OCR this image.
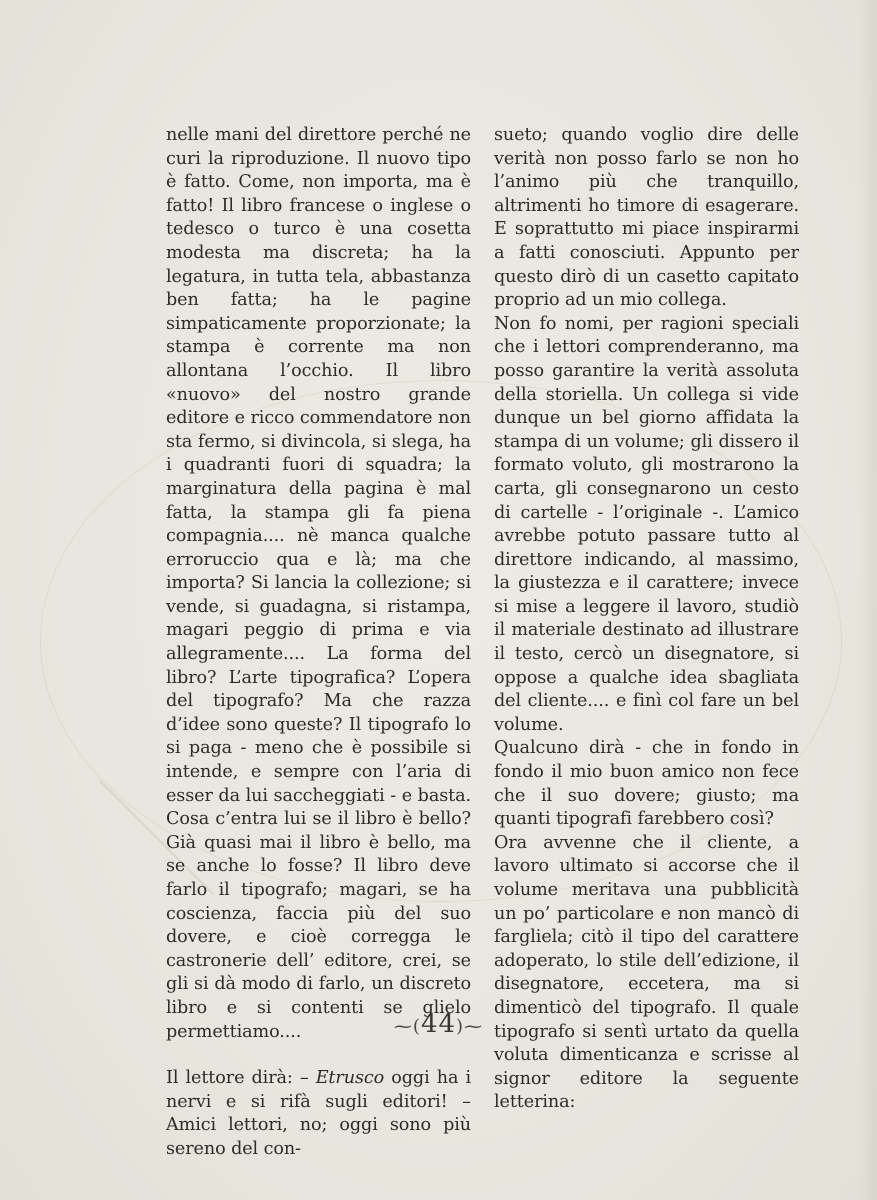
nelle mani del direttore perché ne curi la riproduzione. Il nuovo tipo è fatto. Come, non importa, ma è fatto! Il libro francese o inglese o tedesco o turco è una cosetta modesta ma discreta; ha la legatura, in tutta tela, abbastanza ben fatta; ha le pagine simpaticamente proporzionate; la stampa è corrente ma non allontana l’occhio. Il libro «nuovo» del nostro grande editore e ricco commendatore non sta fermo, si divincola, si slega, ha i quadranti fuori di squadra; la marginatura della pagina è mal fatta, la stampa gli fa piena compagnia.... nè manca qualche erroruccio qua e là; ma che importa? Si lancia la collezione; si vende, si guadagna, si ristampa, magari peggio di prima e via allegramente.... La forma del libro? L’arte tipografica? L’opera del tipografo? Ma che razza d’idee sono queste? Il tipografo lo si paga - meno che è possibile si intende, e sempre con l’aria di esser da lui saccheggiati - e basta. Cosa c’entra lui se il libro è bello? Già quasi mai il libro è bello, ma se anche lo fosse? Il libro deve farlo il tipografo; magari, se ha coscienza, faccia più del suo dovere, e cioè corregga le castronerie dell’ editore, crei, se gli si dà modo di farlo, un discreto libro e si contenti se glielo permettiamo....

Il lettore dirà: – Etrusco oggi ha i nervi e si rifà sugli editori! – Amici lettori, no; oggi sono più sereno del con-

sueto; quando voglio dire delle verità non posso farlo se non ho l’animo più che tranquillo, altrimenti ho timore di esagerare. E soprattutto mi piace inspirarmi a fatti conosciuti. Appunto per questo dirò di un casetto capitato proprio ad un mio collega.

Non fo nomi, per ragioni speciali che i lettori comprenderanno, ma posso garantire la verità assoluta della storiella. Un collega si vide dunque un bel giorno affidata la stampa di un volume; gli dissero il formato voluto, gli mostrarono la carta, gli consegnarono un cesto di cartelle - l’originale -. L’amico avrebbe potuto passare tutto al direttore indicando, al massimo, la giustezza e il carattere; invece si mise a leggere il lavoro, studiò il materiale destinato ad illustrare il testo, cercò un disegnatore, si oppose a qualche idea sbagliata del cliente.... e finì col fare un bel volume.

Qualcuno dirà - che in fondo in fondo il mio buon amico non fece che il suo dovere; giusto; ma quanti tipografi farebbero così?

Ora avvenne che il cliente, a lavoro ultimato si accorse che il volume meritava una pubblicità un po’ particolare e non mancò di fargliela; citò il tipo del carattere adoperato, lo stile dell’edizione, il disegnatore, eccetera, ma si dimenticò del tipografo. Il quale tipografo si sentì urtato da quella voluta dimenticanza e scrisse al signor editore la seguente letterina:

⁓(44)⁓
